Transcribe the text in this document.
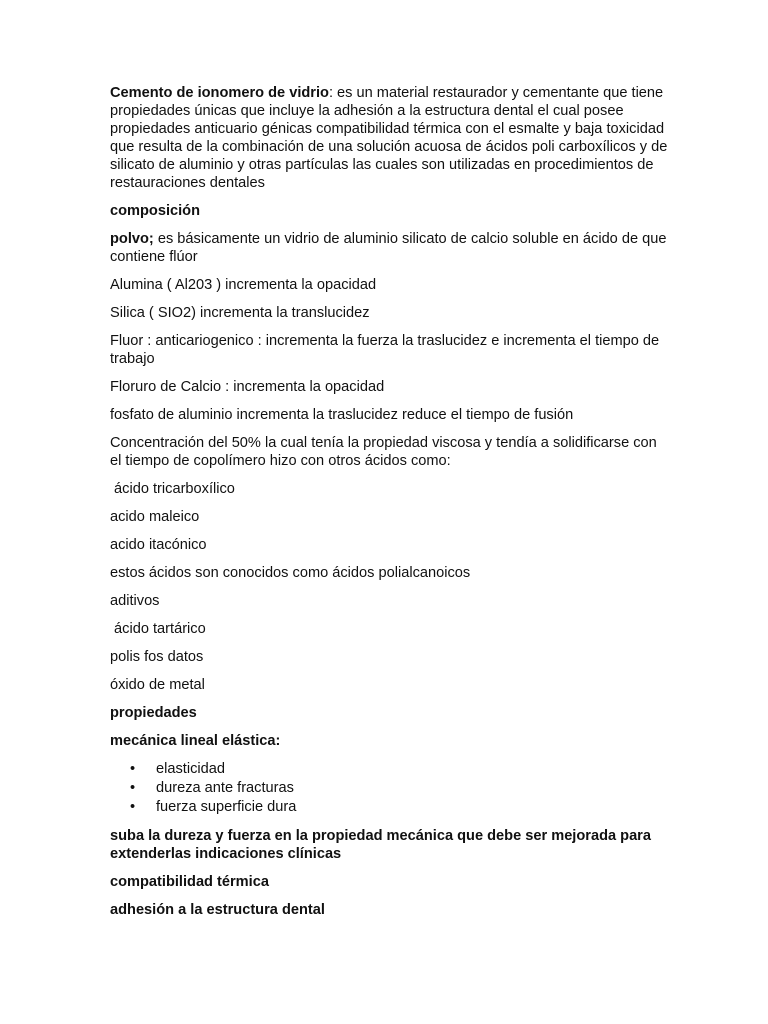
Cemento de ionomero de vidrio: es un material restaurador y cementante que tiene propiedades únicas que incluye la adhesión a la estructura dental el cual posee propiedades anticuario génicas compatibilidad térmica con el esmalte y baja toxicidad que resulta de la combinación de una solución acuosa de ácidos poli carboxílicos y de silicato de aluminio y otras partículas las cuales son utilizadas en procedimientos de restauraciones dentales

composición

polvo; es básicamente un vidrio de aluminio silicato de calcio soluble en ácido de que contiene flúor

Alumina ( Al203 ) incrementa la opacidad

Silica ( SIO2) incrementa la translucidez

Fluor : anticariogenico : incrementa la fuerza la traslucidez e incrementa el tiempo de trabajo

Floruro de Calcio : incrementa la opacidad

fosfato de aluminio incrementa la traslucidez reduce el tiempo de fusión

Concentración del 50% la cual tenía la propiedad viscosa y tendía a solidificarse con el tiempo de copolímero hizo con otros ácidos como:

ácido tricarboxílico

acido maleico

acido itacónico

estos ácidos son conocidos como ácidos polialcanoicos

aditivos

ácido tartárico

polis fos datos

óxido de metal

propiedades

mecánica lineal elástica:

• elasticidad
• dureza ante fracturas
• fuerza superficie dura

suba la dureza y fuerza en la propiedad mecánica que debe ser mejorada para extenderlas indicaciones clínicas

compatibilidad térmica

adhesión a la estructura dental
